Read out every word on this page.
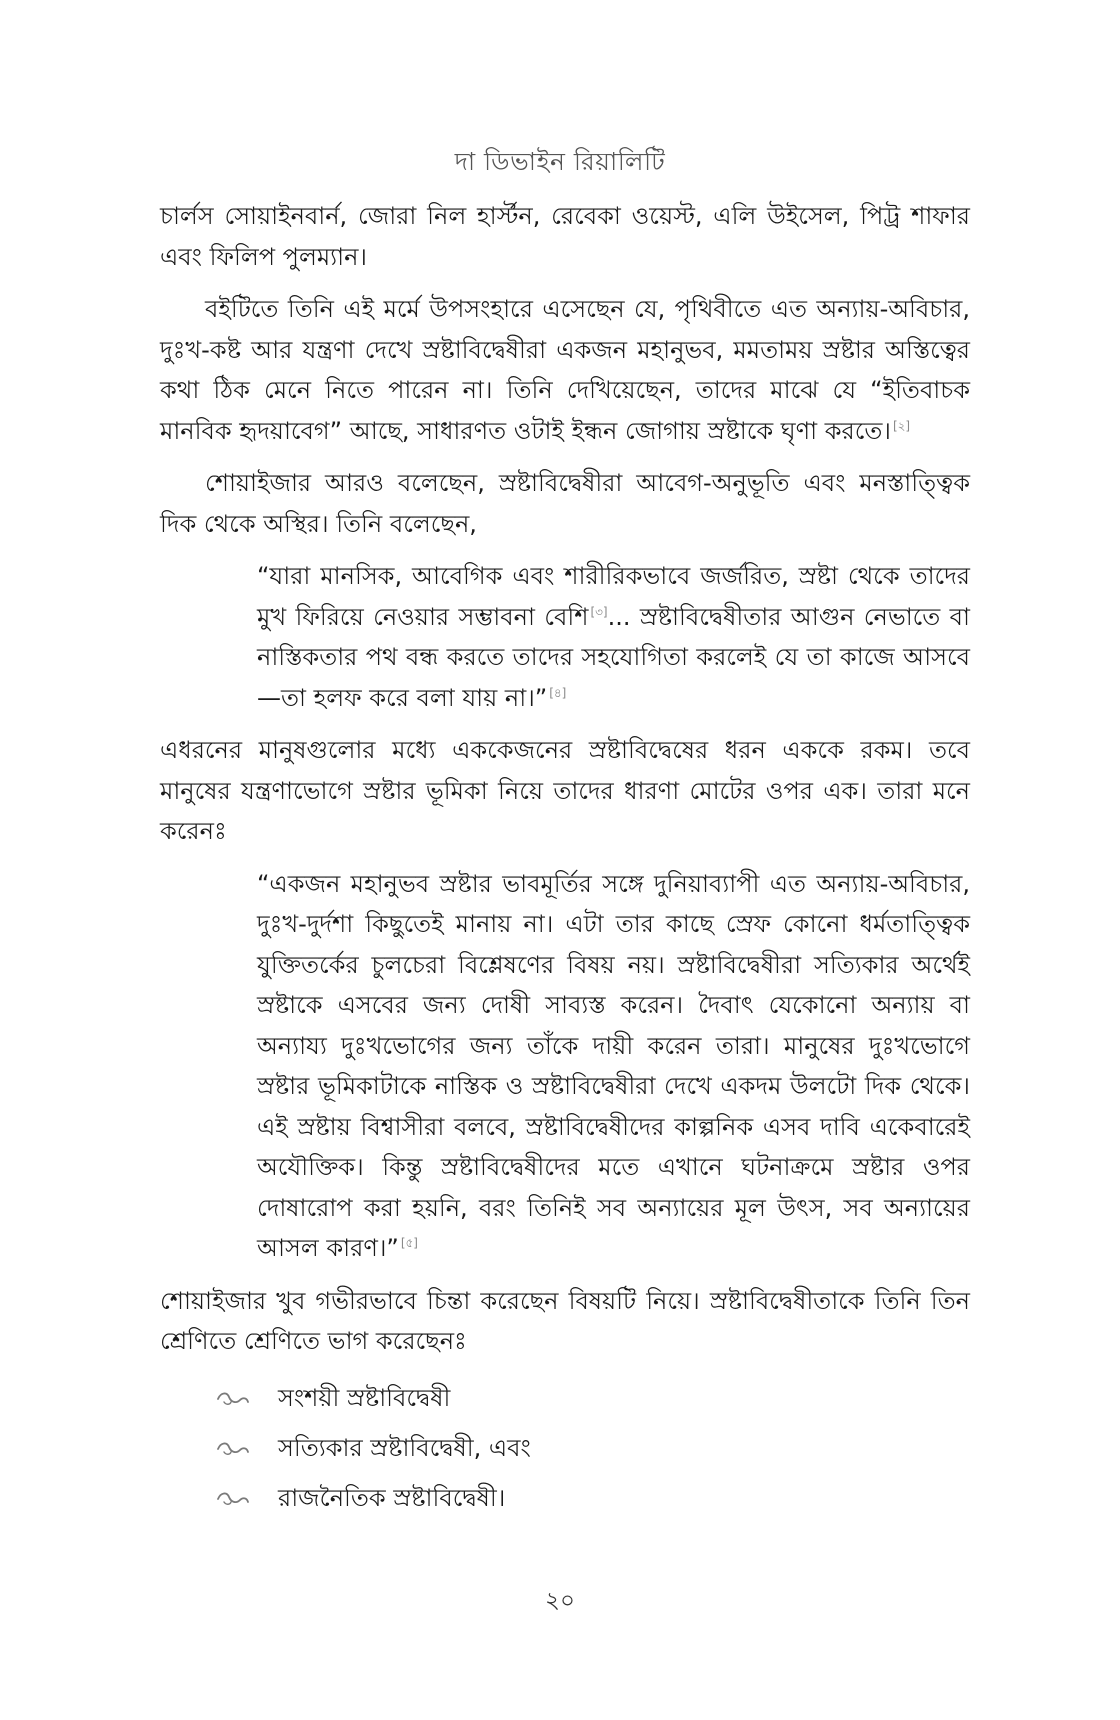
দা ডিভাইন রিয়ালিটি

চার্লস সোয়াইনবার্ন, জোরা নিল হার্স্টন, রেবেকা ওয়েস্ট, এলি উইসেল, পিট্র শাফার এবং ফিলিপ পুলম্যান।

বইটিতে তিনি এই মর্মে উপসংহারে এসেছেন যে, পৃথিবীতে এত অন্যায়-অবিচার, দুঃখ-কষ্ট আর যন্ত্রণা দেখে স্রষ্টাবিদ্বেষীরা একজন মহানুভব, মমতাময় স্রষ্টার অস্তিত্বের কথা ঠিক মেনে নিতে পারেন না। তিনি দেখিয়েছেন, তাদের মাঝে যে “ইতিবাচক মানবিক হৃদয়াবেগ” আছে, সাধারণত ওটাই ইন্ধন জোগায় স্রষ্টাকে ঘৃণা করতে। [২]

শোয়াইজার আরও বলেছেন, স্রষ্টাবিদ্বেষীরা আবেগ-অনুভূতি এবং মনস্তাত্ত্বিক দিক থেকে অস্থির। তিনি বলেছেন,

“যারা মানসিক, আবেগিক এবং শারীরিকভাবে জর্জরিত, স্রষ্টা থেকে তাদের মুখ ফিরিয়ে নেওয়ার সম্ভাবনা বেশি [৩]... স্রষ্টাবিদ্বেষীতার আগুন নেভাতে বা নাস্তিকতার পথ বন্ধ করতে তাদের সহযোগিতা করলেই যে তা কাজে আসবে—তা হলফ করে বলা যায় না।” [৪]

এধরনের মানুষগুলোর মধ্যে এককেজনের স্রষ্টাবিদ্বেষের ধরন এককে রকম। তবে মানুষের যন্ত্রণাভোগে স্রষ্টার ভূমিকা নিয়ে তাদের ধারণা মোটের ওপর এক। তারা মনে করেনঃ

“একজন মহানুভব স্রষ্টার ভাবমূর্তির সঙ্গে দুনিয়াব্যাপী এত অন্যায়-অবিচার, দুঃখ-দুর্দশা কিছুতেই মানায় না। এটা তার কাছে স্রেফ কোনো ধর্মতাত্ত্বিক যুক্তিতর্কের চুলচেরা বিশ্লেষণের বিষয় নয়। স্রষ্টাবিদ্বেষীরা সত্যিকার অর্থেই স্রষ্টাকে এসবের জন্য দোষী সাব্যস্ত করেন। দৈবাৎ যেকোনো অন্যায় বা অন্যায্য দুঃখভোগের জন্য তাঁকে দায়ী করেন তারা। মানুষের দুঃখভোগে স্রষ্টার ভূমিকাটাকে নাস্তিক ও স্রষ্টাবিদ্বেষীরা দেখে একদম উলটো দিক থেকে। এই স্রষ্টায় বিশ্বাসীরা বলবে, স্রষ্টাবিদ্বেষীদের কাল্পনিক এসব দাবি একেবারেই অযৌক্তিক। কিন্তু স্রষ্টাবিদ্বেষীদের মতে এখানে ঘটনাক্রমে স্রষ্টার ওপর দোষারোপ করা হয়নি, বরং তিনিই সব অন্যায়ের মূল উৎস, সব অন্যায়ের আসল কারণ।” [৫]

শোয়াইজার খুব গভীরভাবে চিন্তা করেছেন বিষয়টি নিয়ে। স্রষ্টাবিদ্বেষীতাকে তিনি তিন শ্রেণিতে শ্রেণিতে ভাগ করেছেনঃ

সংশয়ী স্রষ্টাবিদ্বেষী
সত্যিকার স্রষ্টাবিদ্বেষী, এবং
রাজনৈতিক স্রষ্টাবিদ্বেষী।
২০
